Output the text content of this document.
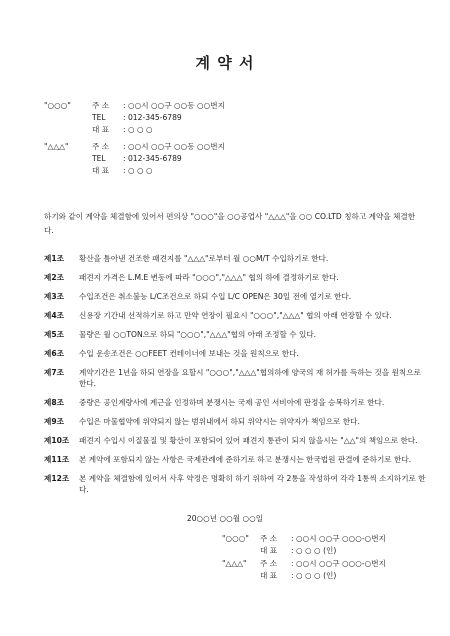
계 약 서
"○○○"	주 소 : ○○시 ○○구 ○○동 ○○번지
TEL : 012-345-6789
대 표 : ○ ○ ○
"△△△"	주 소 : ○○시 ○○구 ○○동 ○○번지
TEL : 012-345-6789
대 표 : ○ ○ ○
하기와 같이 계약을 체결함에 있어서 편의상 "○○○"을 ○○공업사 "△△△"을 ○○ CO.LTD 칭하고 계약을 체결한다.
제1조 황산을 틈아낸 건조한 패견지를 "△△△"로부터 월 ○○M/T 수입하기로 한다.
제2조 패견지 가격은 L.M.E 변동에 따라 "○○○","△△△" 협의 하에 결정하기로 한다.
제3조 수입조건은 취소불능 L/C조건으로 하되 수입 L/C OPEN은 30일 전에 열기로 한다.
제4조 신용장 기간내 선적하기로 하고 만약 연장이 필요시 "○○○","△△△" 협의 아래 연장할 수 있다.
제5조 물량은 월 ○○TON으로 하되 "○○○","△△△"협의 아래 조정할 수 있다.
제6조 수입 운송조건은 ○○FEET 컨테이너에 보내는 것을 원칙으로 한다.
제7조 계약기간은 1년을 하되 연장을 요할시 "○○○","△△△"협의하에 양국의 재 허가를 득하는 것을 원칙으로 한다.
제8조 중량은 공인계량사에 계근을 인정하며 분쟁시는 국제 공인 서비아에 판정을 승복하기로 한다.
제9조 수입은 마물협약에 위약되지 않는 범위내에서 하되 위약시는 위약자가 책임으로 한다.
제10조 패견지 수입시 이질물질 및 황산이 포함되어 있어 패견지 통관이 되지 않을시는 "△△"의 책임으로 한다.
제11조 본 계약에 포함되지 않는 사항은 국제관례에 준하기로 하고 분쟁시는 한국법원 판결에 준하기로 한다.
제12조 본 계약을 체결함에 있어서 사후 약정은 명확히 하기 위하여 각 2통을 작성하여 각각 1통씩 소지하기로 한다.
20○○년 ○○월 ○○일
"○○○" 주 소 : ○○시 ○○구 ○○○-○번지
대 표 : ○ ○ ○ (인)
"△△△" 주 소 : ○○시 ○○구 ○○○-○번지
대 표 : ○ ○ ○ (인)
